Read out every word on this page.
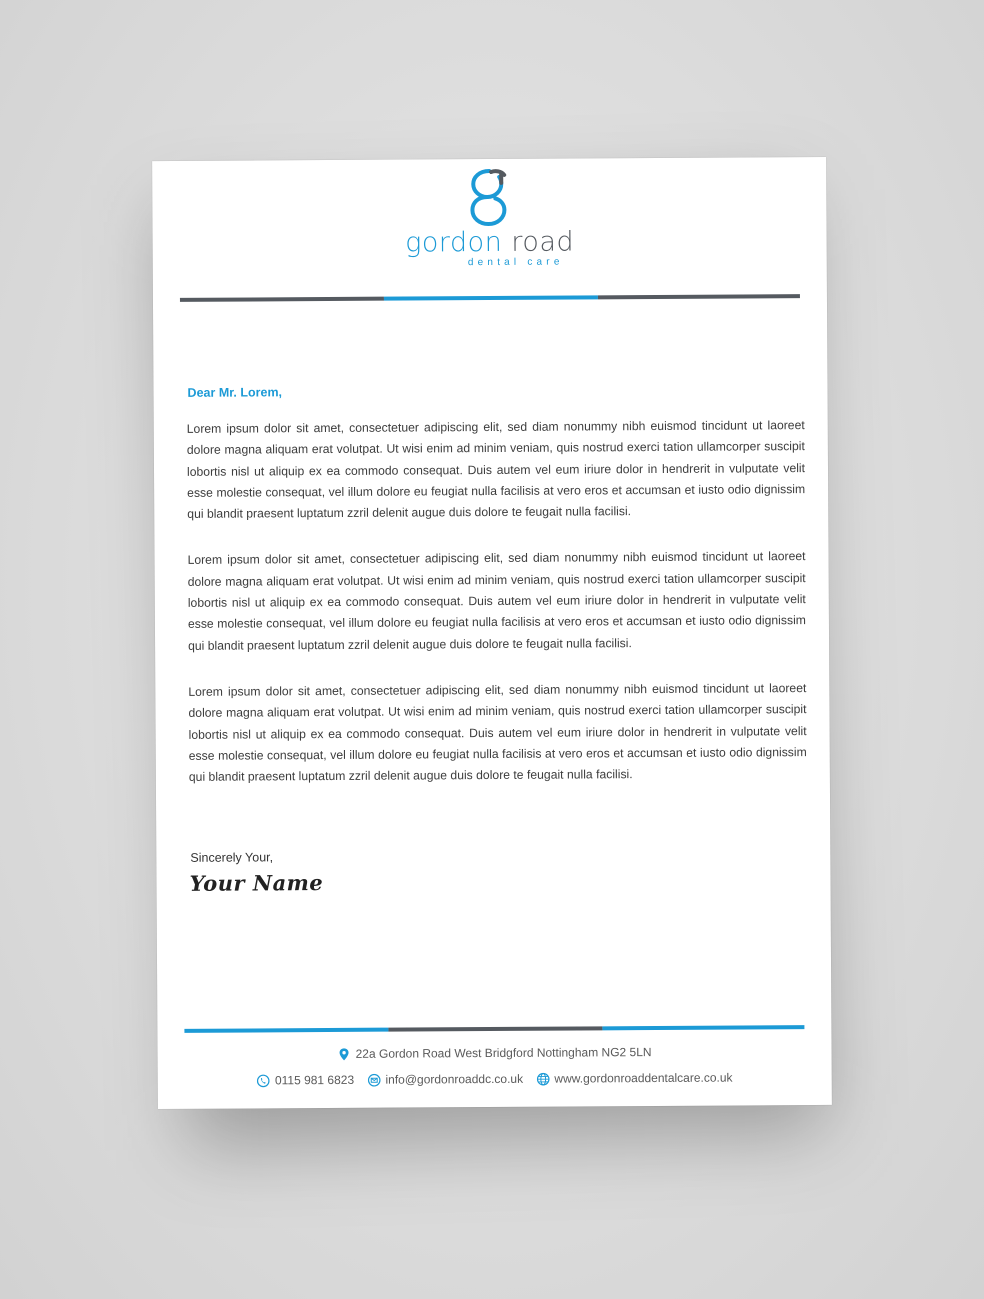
gordon road
dental care
Dear Mr. Lorem,

Lorem ipsum dolor sit amet, consectetuer adipiscing elit, sed diam nonummy nibh euismod tincidunt ut laoreet dolore magna aliquam erat volutpat. Ut wisi enim ad minim veniam, quis nostrud exerci tation ullamcorper suscipit lobortis nisl ut aliquip ex ea commodo consequat. Duis autem vel eum iriure dolor in hendrerit in vulputate velit esse molestie consequat, vel illum dolore eu feugiat nulla facilisis at vero eros et accumsan et iusto odio dignissim qui blandit praesent luptatum zzril delenit augue duis dolore te feugait nulla facilisi.

Lorem ipsum dolor sit amet, consectetuer adipiscing elit, sed diam nonummy nibh euismod tincidunt ut laoreet dolore magna aliquam erat volutpat. Ut wisi enim ad minim veniam, quis nostrud exerci tation ullamcorper suscipit lobortis nisl ut aliquip ex ea commodo consequat. Duis autem vel eum iriure dolor in hendrerit in vulputate velit esse molestie consequat, vel illum dolore eu feugiat nulla facilisis at vero eros et accumsan et iusto odio dignissim qui blandit praesent luptatum zzril delenit augue duis dolore te feugait nulla facilisi.

Lorem ipsum dolor sit amet, consectetuer adipiscing elit, sed diam nonummy nibh euismod tincidunt ut laoreet dolore magna aliquam erat volutpat. Ut wisi enim ad minim veniam, quis nostrud exerci tation ullamcorper suscipit lobortis nisl ut aliquip ex ea commodo consequat. Duis autem vel eum iriure dolor in hendrerit in vulputate velit esse molestie consequat, vel illum dolore eu feugiat nulla facilisis at vero eros et accumsan et iusto odio dignissim qui blandit praesent luptatum zzril delenit augue duis dolore te feugait nulla facilisi.

Sincerely Your,
Your Name
22a Gordon Road West Bridgford Nottingham NG2 5LN
0115 981 6823
	info@gordonroaddc.co.uk
	www.gordonroaddentalcare.co.uk
